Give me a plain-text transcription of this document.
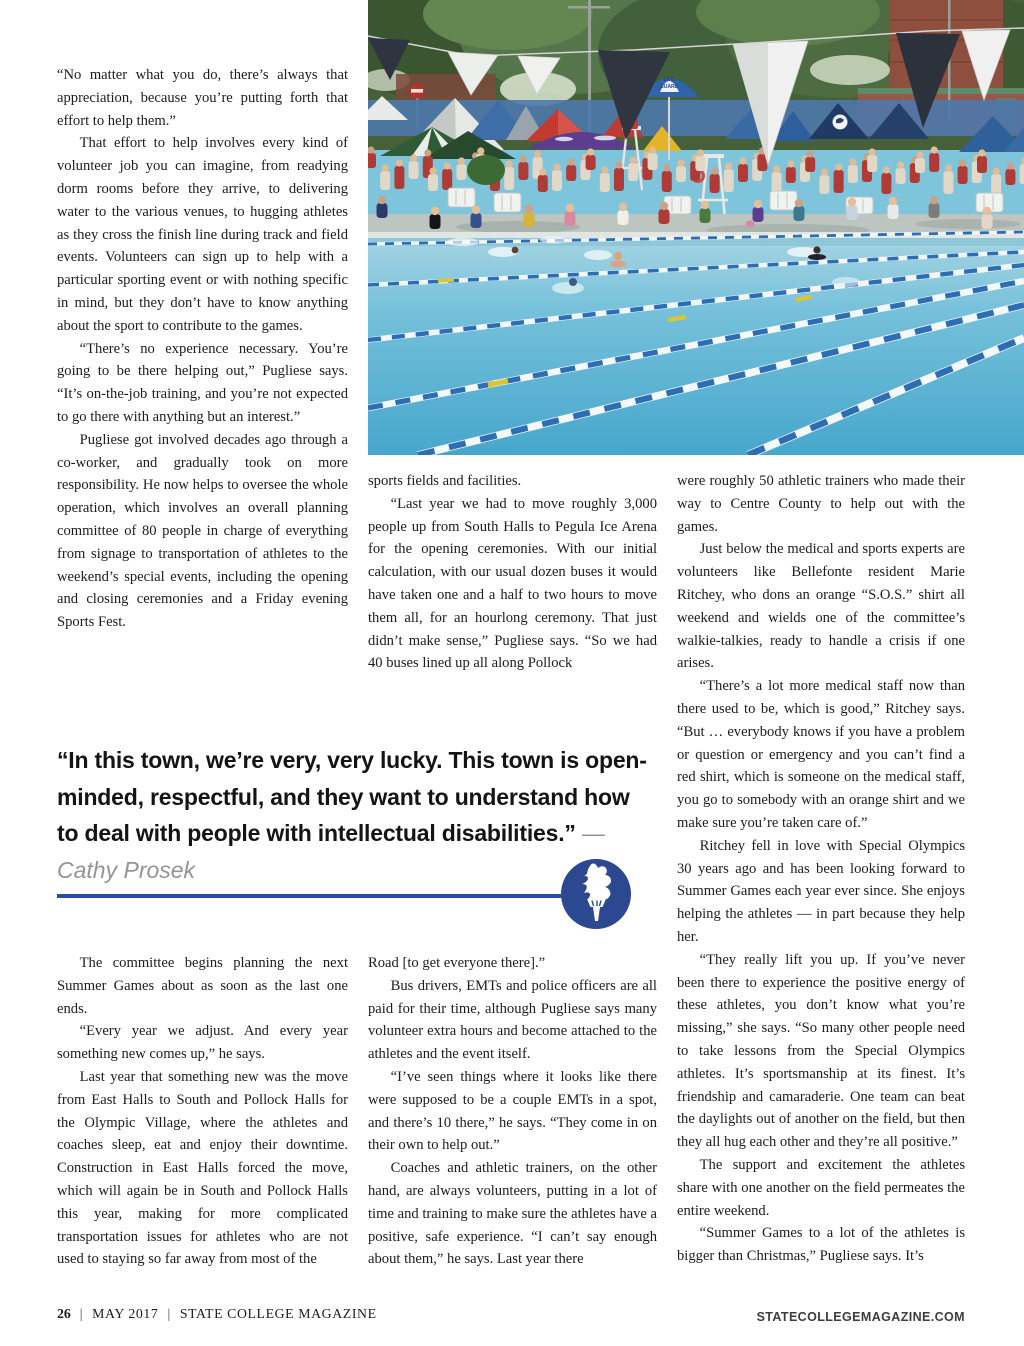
LIFE
GUARD

“No matter what you do, there’s always that appreciation, because you’re putting forth that effort to help them.”

That effort to help involves every kind of volunteer job you can imagine, from readying dorm rooms before they arrive, to delivering water to the various venues, to hugging athletes as they cross the finish line during track and field events. Volunteers can sign up to help with a particular sporting event or with nothing specific in mind, but they don’t have to know anything about the sport to contribute to the games.

“There’s no experience necessary. You’re going to be there helping out,” Pugliese says. “It’s on-the-job training, and you’re not expected to go there with anything but an interest.”

Pugliese got involved decades ago through a co-worker, and gradually took on more responsibility. He now helps to oversee the whole operation, which involves an overall planning committee of 80 people in charge of everything from signage to transportation of athletes to the weekend’s special events, including the opening and closing ceremonies and a Friday evening Sports Fest.

sports fields and facilities.

“Last year we had to move roughly 3,000 people up from South Halls to Pegula Ice Arena for the opening ceremonies. With our initial calculation, with our usual dozen buses it would have taken one and a half to two hours to move them all, for an hourlong ceremony. That just didn’t make sense,” Pugliese says. “So we had 40 buses lined up all along Pollock

were roughly 50 athletic trainers who made their way to Centre County to help out with the games.

Just below the medical and sports experts are volunteers like Bellefonte resident Marie Ritchey, who dons an orange “S.O.S.” shirt all weekend and wields one of the committee’s walkie-talkies, ready to handle a crisis if one arises.

“There’s a lot more medical staff now than there used to be, which is good,” Ritchey says. “But … everybody knows if you have a problem or question or emergency and you can’t find a red shirt, which is someone on the medical staff, you go to somebody with an orange shirt and we make sure you’re taken care of.”

Ritchey fell in love with Special Olympics 30 years ago and has been looking forward to Summer Games each year ever since. She enjoys helping the athletes — in part because they help her.

“They really lift you up. If you’ve never been there to experience the positive energy of these athletes, you don’t know what you’re missing,” she says. “So many other people need to take lessons from the Special Olympics athletes. It’s sportsmanship at its finest. It’s friendship and camaraderie. One team can beat the daylights out of another on the field, but then they all hug each other and they’re all positive.”

The support and excitement the athletes share with one another on the field permeates the entire weekend.

“Summer Games to a lot of the athletes is bigger than Christmas,” Pugliese says. It’s

“In this town, we’re very, very lucky. This town is open-minded, respectful, and they want to understand how to deal with people with intellectual disabilities.” —Cathy Prosek

The committee begins planning the next Summer Games about as soon as the last one ends.

“Every year we adjust. And every year something new comes up,” he says.

Last year that something new was the move from East Halls to South and Pollock Halls for the Olympic Village, where the athletes and coaches sleep, eat and enjoy their downtime. Construction in East Halls forced the move, which will again be in South and Pollock Halls this year, making for more complicated transportation issues for athletes who are not used to staying so far away from most of the

Road [to get everyone there].”

Bus drivers, EMTs and police officers are all paid for their time, although Pugliese says many volunteer extra hours and become attached to the athletes and the event itself.

“I’ve seen things where it looks like there were supposed to be a couple EMTs in a spot, and there’s 10 there,” he says. “They come in on their own to help out.”

Coaches and athletic trainers, on the other hand, are always volunteers, putting in a lot of time and training to make sure the athletes have a positive, safe experience. “I can’t say enough about them,” he says. Last year there

26 | MAY 2017 | STATE COLLEGE MAGAZINE	STATECOLLEGEMAGAZINE.COM
